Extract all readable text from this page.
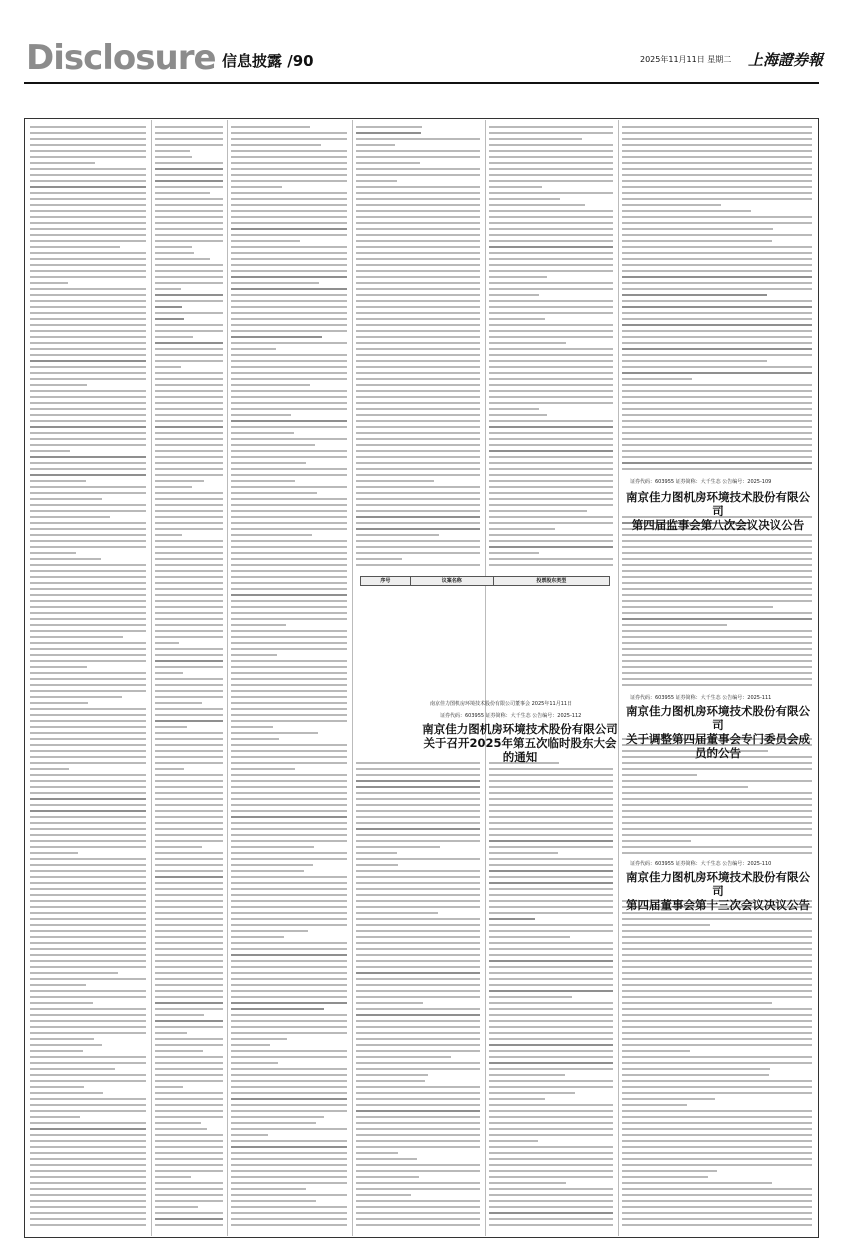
Disclosure 信息披露 /90	2025年11月11日 星期二 上海證券報
证券代码：603955 证券简称：大千生态 公告编号：2025-112
南京佳力图机房环境技术股份有限公司
关于召开2025年第五次临时股东大会的通知
证券代码：603955 证券简称：大千生态 公告编号：2025-109
南京佳力图机房环境技术股份有限公司
第四届监事会第八次会议决议公告
证券代码：603955 证券简称：大千生态 公告编号：2025-111
南京佳力图机房环境技术股份有限公司
关于调整第四届董事会专门委员会成员的公告
证券代码：603955 证券简称：大千生态 公告编号：2025-110
南京佳力图机房环境技术股份有限公司
第四届董事会第十三次会议决议公告
序号	议案名称	投票股东类型
南京佳力图机房环境技术股份有限公司董事会 2025年11月11日
